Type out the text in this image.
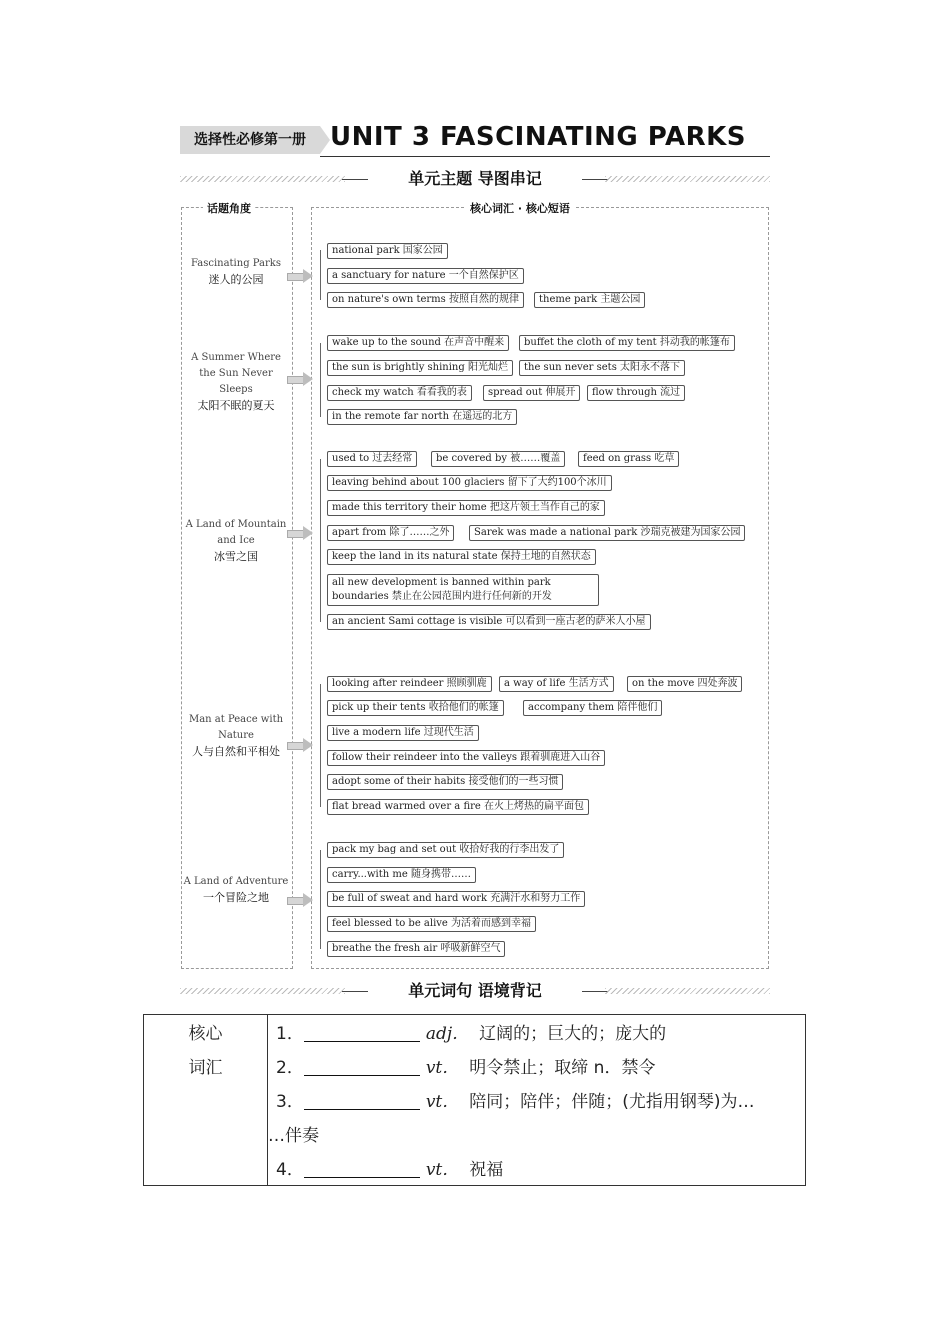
选择性必修第一册 UNIT 3 FASCINATING PARKS
单元主题 导图串记
话题角度	核心词汇 · 核心短语
Fascinating Parks
迷人的公园
A Summer Where the Sun Never Sleeps
太阳不眠的夏天
A Land of Mountain and Ice
冰雪之国
Man at Peace with Nature
人与自然和平相处
A Land of Adventure
一个冒险之地
national park 国家公园
a sanctuary for nature 一个自然保护区
on nature's own terms 按照自然的规律	theme park 主题公园
wake up to the sound 在声音中醒来	buffet the cloth of my tent 抖动我的帐篷布
the sun is brightly shining 阳光灿烂	the sun never sets 太阳永不落下
check my watch 看看我的表	spread out 伸展开	flow through 流过
in the remote far north 在遥远的北方
used to 过去经常	be covered by 被……覆盖	feed on grass 吃草
leaving behind about 100 glaciers 留下了大约100个冰川
made this territory their home 把这片领土当作自己的家
apart from 除了……之外	Sarek was made a national park 沙瑞克被建为国家公园
keep the land in its natural state 保持土地的自然状态
all new development is banned within park boundaries 禁止在公园范围内进行任何新的开发
an ancient Sami cottage is visible 可以看到一座古老的萨米人小屋
looking after reindeer 照顾驯鹿	a way of life 生活方式	on the move 四处奔波
pick up their tents 收拾他们的帐篷	accompany them 陪伴他们
live a modern life 过现代生活
follow their reindeer into the valleys 跟着驯鹿进入山谷
adopt some of their habits 接受他们的一些习惯
flat bread warmed over a fire 在火上烤热的扁平面包
pack my bag and set out 收拾好我的行李出发了
carry...with me 随身携带……
be full of sweat and hard work 充满汗水和努力工作
feel blessed to be alive 为活着而感到幸福
breathe the fresh air 呼吸新鲜空气
单元词句 语境背记
核心
词汇
1．	adj． 辽阔的；巨大的；庞大的
2．	vt． 明令禁止；取缔 n．禁令
3．	vt． 陪同；陪伴；伴随；(尤指用钢琴)为…
…伴奏
4．	vt． 祝福
